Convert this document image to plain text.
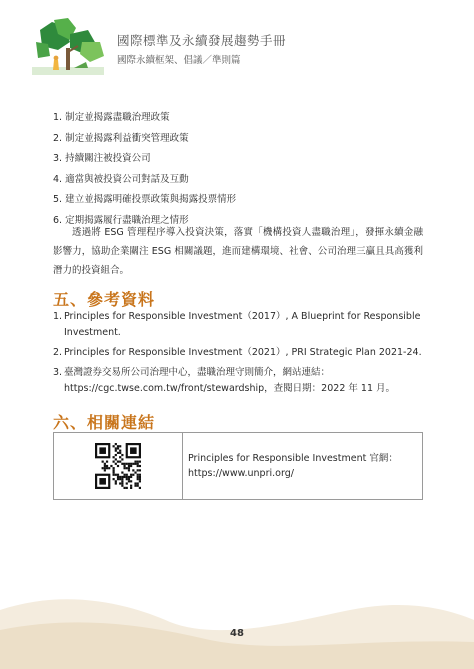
國際標準及永續發展趨勢手冊
國際永續框架、倡議／準則篇
1. 制定並揭露盡職治理政策
2. 制定並揭露利益衝突管理政策
3. 持續關注被投資公司
4. 適當與被投資公司對話及互動
5. 建立並揭露明確投票政策與揭露投票情形
6. 定期揭露履行盡職治理之情形

透過將 ESG 管理程序導入投資決策，落實「機構投資人盡職治理」，發揮永續金融影響力，協助企業關注 ESG 相關議題，進而建構環境、社會、公司治理三贏且具高獲利潛力的投資組合。

五、參考資料
1. Principles for Responsible Investment（2017）, A Blueprint for Responsible Investment.
2. Principles for Responsible Investment（2021）, PRI Strategic Plan 2021-24.
3. 臺灣證券交易所公司治理中心，盡職治理守則簡介，網站連結：https://cgc.twse.com.tw/front/stewardship，查閱日期：2022 年 11 月。
六、相關連結

Principles for Responsible Investment 官網：
https://www.unpri.org/
48
